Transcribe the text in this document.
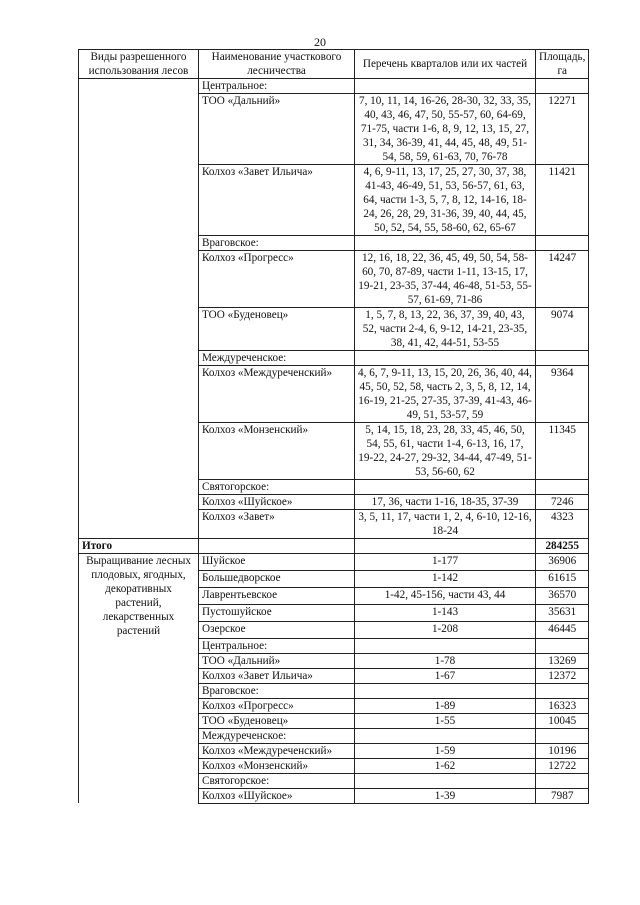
20
Виды разрешенного использования лесов	Наименование участкового лесничества	Перечень кварталов или их частей	Площадь, га
	Центральное:		
	ТОО «Дальний»	7, 10, 11, 14, 16-26, 28-30, 32, 33, 35, 40, 43, 46, 47, 50, 55-57, 60, 64-69, 71-75, части 1-6, 8, 9, 12, 13, 15, 27, 31, 34, 36-39, 41, 44, 45, 48, 49, 51-54, 58, 59, 61-63, 70, 76-78	12271
	Колхоз «Завет Ильича»	4, 6, 9-11, 13, 17, 25, 27, 30, 37, 38, 41-43, 46-49, 51, 53, 56-57, 61, 63, 64, части 1-3, 5, 7, 8, 12, 14-16, 18-24, 26, 28, 29, 31-36, 39, 40, 44, 45, 50, 52, 54, 55, 58-60, 62, 65-67	11421
	Враговское:		
	Колхоз «Прогресс»	12, 16, 18, 22, 36, 45, 49, 50, 54, 58-60, 70, 87-89, части 1-11, 13-15, 17, 19-21, 23-35, 37-44, 46-48, 51-53, 55-57, 61-69, 71-86	14247
	ТОО «Буденовец»	1, 5, 7, 8, 13, 22, 36, 37, 39, 40, 43, 52, части 2-4, 6, 9-12, 14-21, 23-35, 38, 41, 42, 44-51, 53-55	9074
	Междуреченское:		
	Колхоз «Междуреченский»	4, 6, 7, 9-11, 13, 15, 20, 26, 36, 40, 44, 45, 50, 52, 58, часть 2, 3, 5, 8, 12, 14, 16-19, 21-25, 27-35, 37-39, 41-43, 46-49, 51, 53-57, 59	9364
	Колхоз «Монзенский»	5, 14, 15, 18, 23, 28, 33, 45, 46, 50, 54, 55, 61, части 1-4, 6-13, 16, 17, 19-22, 24-27, 29-32, 34-44, 47-49, 51-53, 56-60, 62	11345
	Святогорское:		
	Колхоз «Шуйское»	17, 36, части 1-16, 18-35, 37-39	7246
	Колхоз «Завет»	3, 5, 11, 17, части 1, 2, 4, 6-10, 12-16, 18-24	4323
Итого			284255
Выращивание лесных плодовых, ягодных, декоративных растений, лекарственных растений	Шуйское	1-177	36906
	Большедворское	1-142	61615
	Лаврентьевское	1-42, 45-156, части 43, 44	36570
	Пустошуйское	1-143	35631
	Озерское	1-208	46445
	Центральное:		
	ТОО «Дальний»	1-78	13269
	Колхоз «Завет Ильича»	1-67	12372
	Враговское:		
	Колхоз «Прогресс»	1-89	16323
	ТОО «Буденовец»	1-55	10045
	Междуреченское:		
	Колхоз «Междуреченский»	1-59	10196
	Колхоз «Монзенский»	1-62	12722
	Святогорское:		
	Колхоз «Шуйское»	1-39	7987
